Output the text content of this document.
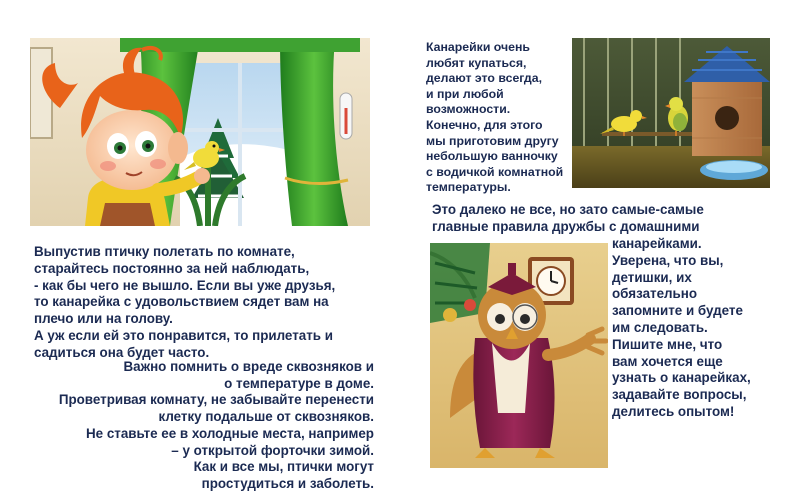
Канарейки очень
любят купаться,
делают это всегда,
и при любой
возможности.
Конечно, для этого
мы приготовим другу
небольшую ванночку
с водичкой комнатной
температуры.
Выпустив птичку полетать по комнате,
старайтесь постоянно за ней наблюдать,
- как бы чего не вышло. Если вы уже друзья,
то канарейка с удовольствием сядет вам на
плечо или на голову.
А уж если ей это понравится, то прилетать и
садиться она будет часто.
Важно помнить о вреде сквозняков и
о температуре в доме.
Проветривая комнату, не забывайте перенести
клетку подальше от сквозняков.
Не ставьте ее в холодные места, например
– у открытой форточки зимой.
Как и все мы, птички могут
простудиться и заболеть.
Это далеко не все, но зато самые-самые
главные правила дружбы с домашними
канарейками.
Уверена, что вы,
детишки, их
обязательно
запомните и будете
им следовать.
Пишите мне, что
вам хочется еще
узнать о канарейках,
задавайте вопросы,
делитесь опытом!
